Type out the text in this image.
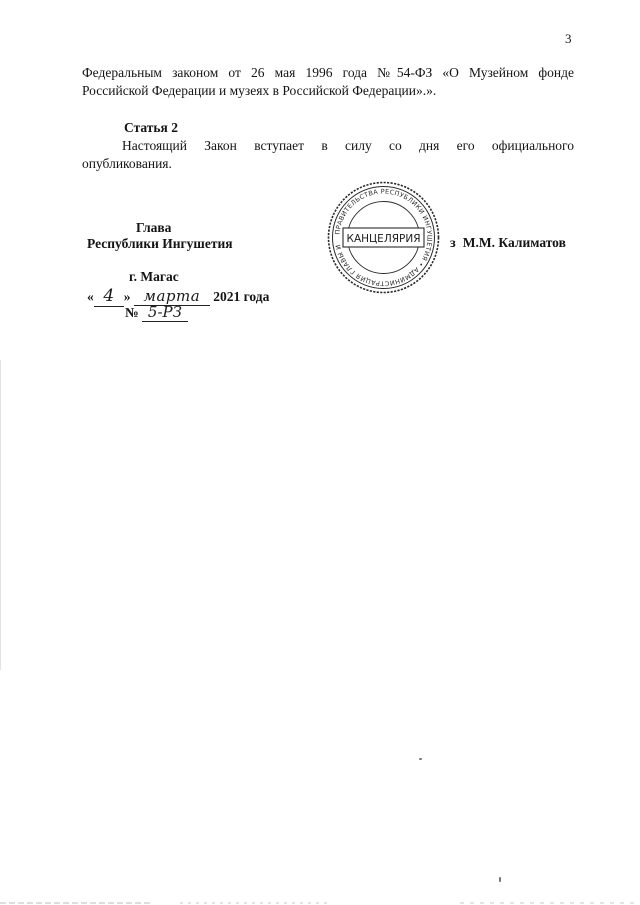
3
Федеральным законом от 26 мая 1996 года №54-ФЗ «О Музейном фонде
Российской Федерации и музеях в Российской Федерации».».
Статья 2
Настоящий Закон вступает в силу со дня его официального
опубликования.
Глава
Республики Ингушетия
ПРАВИТЕЛЬСТВА РЕСПУБЛИКИ ИНГУШЕТИЯ • АДМИНИСТРАЦИЯ ГЛАВЫ И
КАНЦЕЛЯРИЯ ɜ М.М. Калиматов
г. Магас
« 4 » марта 2021 года
№ 5-РЗ
